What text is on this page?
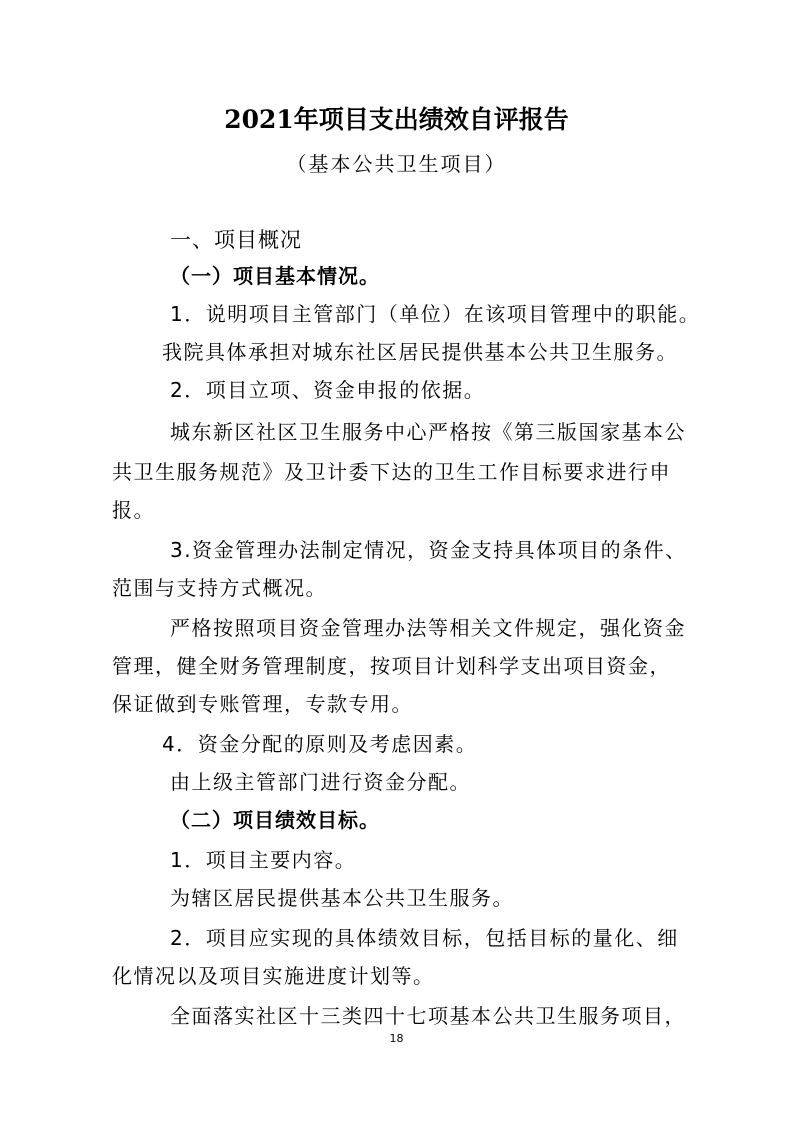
2021年项目支出绩效自评报告
（基本公共卫生项目）
一、项目概况
（一）项目基本情况。
1．说明项目主管部门（单位）在该项目管理中的职能。
我院具体承担对城东社区居民提供基本公共卫生服务。
2．项目立项、资金申报的依据。
城东新区社区卫生服务中心严格按《第三版国家基本公
共卫生服务规范》及卫计委下达的卫生工作目标要求进行申
报。
3.资金管理办法制定情况，资金支持具体项目的条件、
范围与支持方式概况。
严格按照项目资金管理办法等相关文件规定，强化资金
管理，健全财务管理制度，按项目计划科学支出项目资金，
保证做到专账管理，专款专用。
4．资金分配的原则及考虑因素。
由上级主管部门进行资金分配。
（二）项目绩效目标。
1．项目主要内容。
为辖区居民提供基本公共卫生服务。
2．项目应实现的具体绩效目标，包括目标的量化、细
化情况以及项目实施进度计划等。
全面落实社区十三类四十七项基本公共卫生服务项目，
18
